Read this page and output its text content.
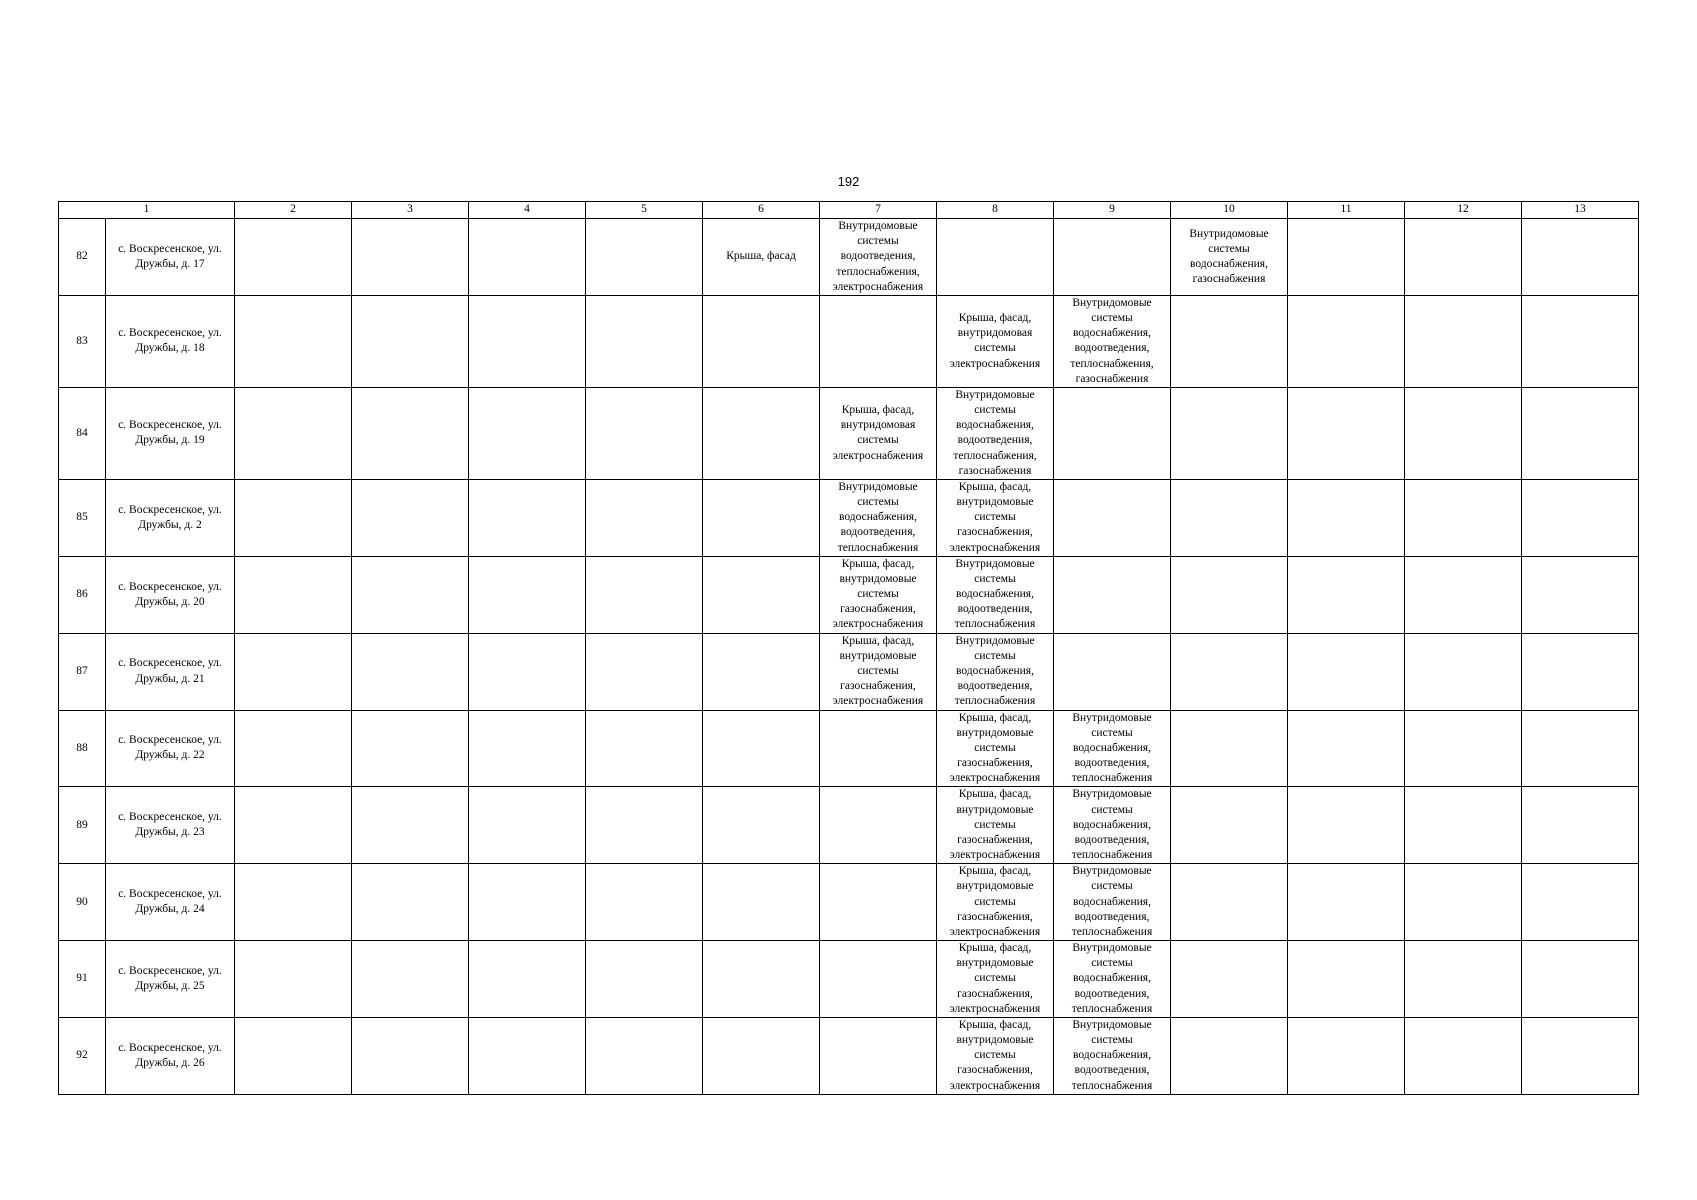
192
1		2	3	4	5	6	7	8	9	10	11	12	13
82	с. Воскресенское, ул. Дружбы, д. 17					Крыша, фасад	Внутридомовые системы водоотведения, теплоснабжения, электроснабжения			Внутридомовые системы водоснабжения, газоснабжения			
83	с. Воскресенское, ул. Дружбы, д. 18							Крыша, фасад, внутридомовая системы электроснабжения	Внутридомовые системы водоснабжения, водоотведения, теплоснабжения, газоснабжения				
84	с. Воскресенское, ул. Дружбы, д. 19						Крыша, фасад, внутридомовая системы электроснабжения	Внутридомовые системы водоснабжения, водоотведения, теплоснабжения, газоснабжения					
85	с. Воскресенское, ул. Дружбы, д. 2						Внутридомовые системы водоснабжения, водоотведения, теплоснабжения	Крыша, фасад, внутридомовые системы газоснабжения, электроснабжения					
86	с. Воскресенское, ул. Дружбы, д. 20						Крыша, фасад, внутридомовые системы газоснабжения, электроснабжения	Внутридомовые системы водоснабжения, водоотведения, теплоснабжения					
87	с. Воскресенское, ул. Дружбы, д. 21						Крыша, фасад, внутридомовые системы газоснабжения, электроснабжения	Внутридомовые системы водоснабжения, водоотведения, теплоснабжения					
88	с. Воскресенское, ул. Дружбы, д. 22							Крыша, фасад, внутридомовые системы газоснабжения, электроснабжения	Внутридомовые системы водоснабжения, водоотведения, теплоснабжения				
89	с. Воскресенское, ул. Дружбы, д. 23							Крыша, фасад, внутридомовые системы газоснабжения, электроснабжения	Внутридомовые системы водоснабжения, водоотведения, теплоснабжения				
90	с. Воскресенское, ул. Дружбы, д. 24							Крыша, фасад, внутридомовые системы газоснабжения, электроснабжения	Внутридомовые системы водоснабжения, водоотведения, теплоснабжения				
91	с. Воскресенское, ул. Дружбы, д. 25							Крыша, фасад, внутридомовые системы газоснабжения, электроснабжения	Внутридомовые системы водоснабжения, водоотведения, теплоснабжения				
92	с. Воскресенское, ул. Дружбы, д. 26							Крыша, фасад, внутридомовые системы газоснабжения, электроснабжения	Внутридомовые системы водоснабжения, водоотведения, теплоснабжения				
